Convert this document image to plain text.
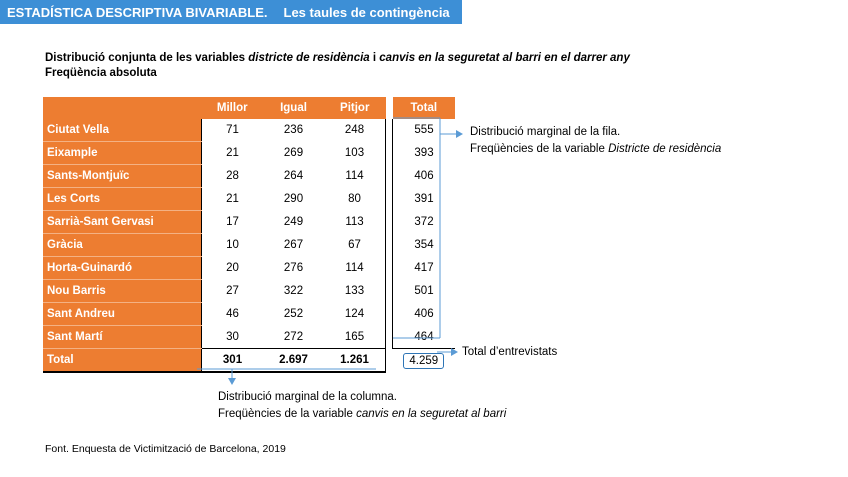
ESTADÍSTICA DESCRIPTIVA BIVARIABLE.	Les taules de contingència
Distribució conjunta de les variables districte de residència i canvis en la seguretat al barri en el darrer any
Freqüència absoluta
	Millor	Igual	Pitjor		Total
Ciutat Vella	71	236	248		555
Eixample	21	269	103		393
Sants-Montjuïc	28	264	114		406
Les Corts	21	290	80		391
Sarrià-Sant Gervasi	17	249	113		372
Gràcia	10	267	67		354
Horta-Guinardó	20	276	114		417
Nou Barris	27	322	133		501
Sant Andreu	46	252	124		406
Sant Martí	30	272	165		464
Total	301	2.697	1.261		4.259
Distribució marginal de la fila.
Freqüències de la variable Districte de residència
Total d’entrevistats
Distribució marginal de la columna.
Freqüències de la variable canvis en la seguretat al barri
Font. Enquesta de Victimització de Barcelona, 2019
